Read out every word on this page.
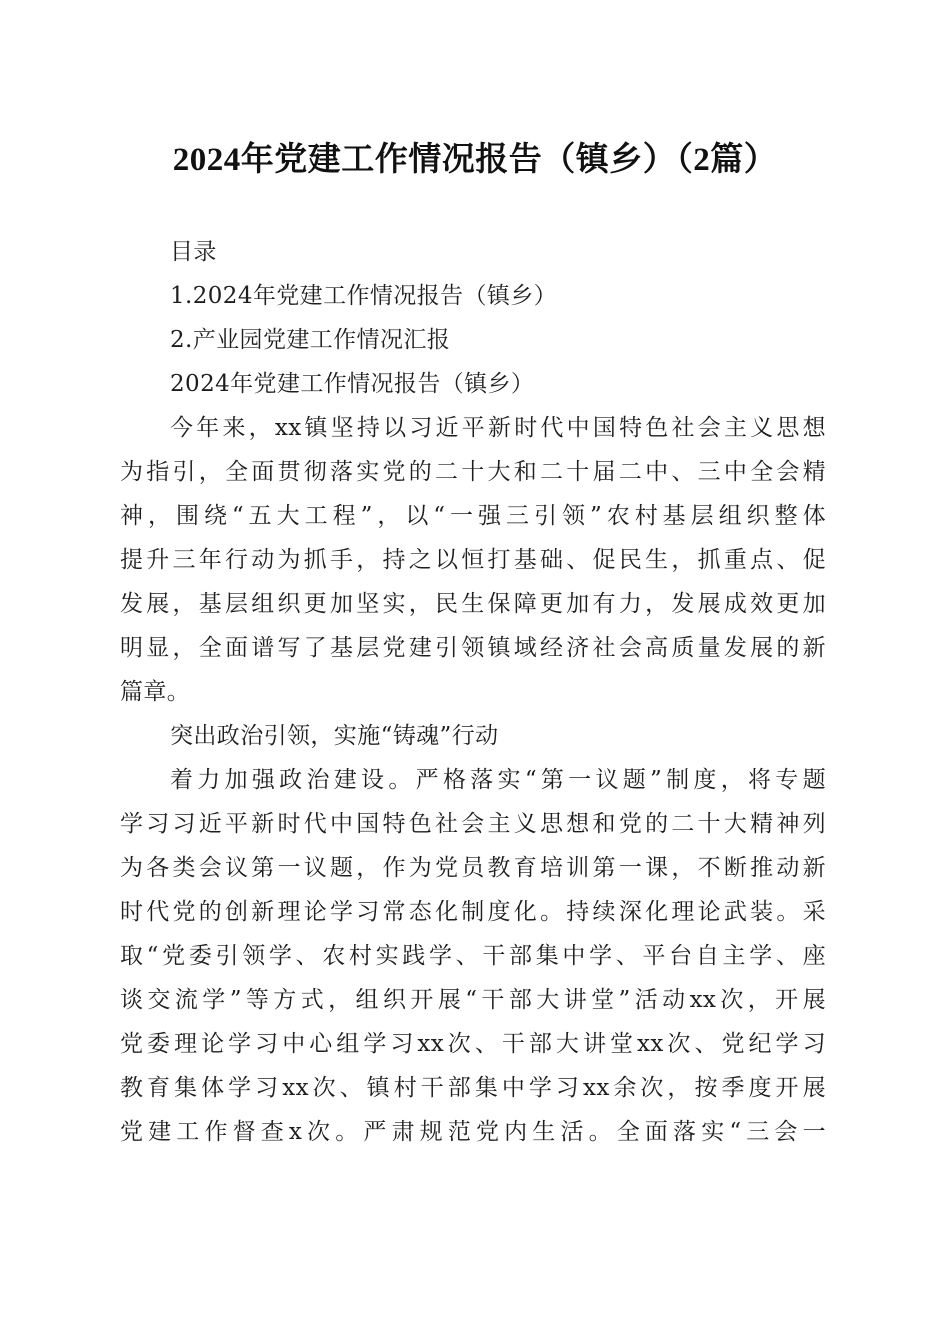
2024年党建工作情况报告（镇乡）（2篇）
目录
1.2024年党建工作情况报告（镇乡）
2.产业园党建工作情况汇报
2024年党建工作情况报告（镇乡）
今年来，xx镇坚持以习近平新时代中国特色社会主义思想
为指引，全面贯彻落实党的二十大和二十届二中、三中全会精
神，围绕“五大工程”，以“一强三引领”农村基层组织整体
提升三年行动为抓手，持之以恒打基础、促民生，抓重点、促
发展，基层组织更加坚实，民生保障更加有力，发展成效更加
明显，全面谱写了基层党建引领镇域经济社会高质量发展的新
篇章。
突出政治引领，实施“铸魂”行动
着力加强政治建设。严格落实“第一议题”制度，将专题
学习习近平新时代中国特色社会主义思想和党的二十大精神列
为各类会议第一议题，作为党员教育培训第一课，不断推动新
时代党的创新理论学习常态化制度化。持续深化理论武装。采
取“党委引领学、农村实践学、干部集中学、平台自主学、座
谈交流学”等方式，组织开展“干部大讲堂”活动xx次，开展
党委理论学习中心组学习xx次、干部大讲堂xx次、党纪学习
教育集体学习xx次、镇村干部集中学习xx余次，按季度开展
党建工作督查x次。严肃规范党内生活。全面落实“三会一
